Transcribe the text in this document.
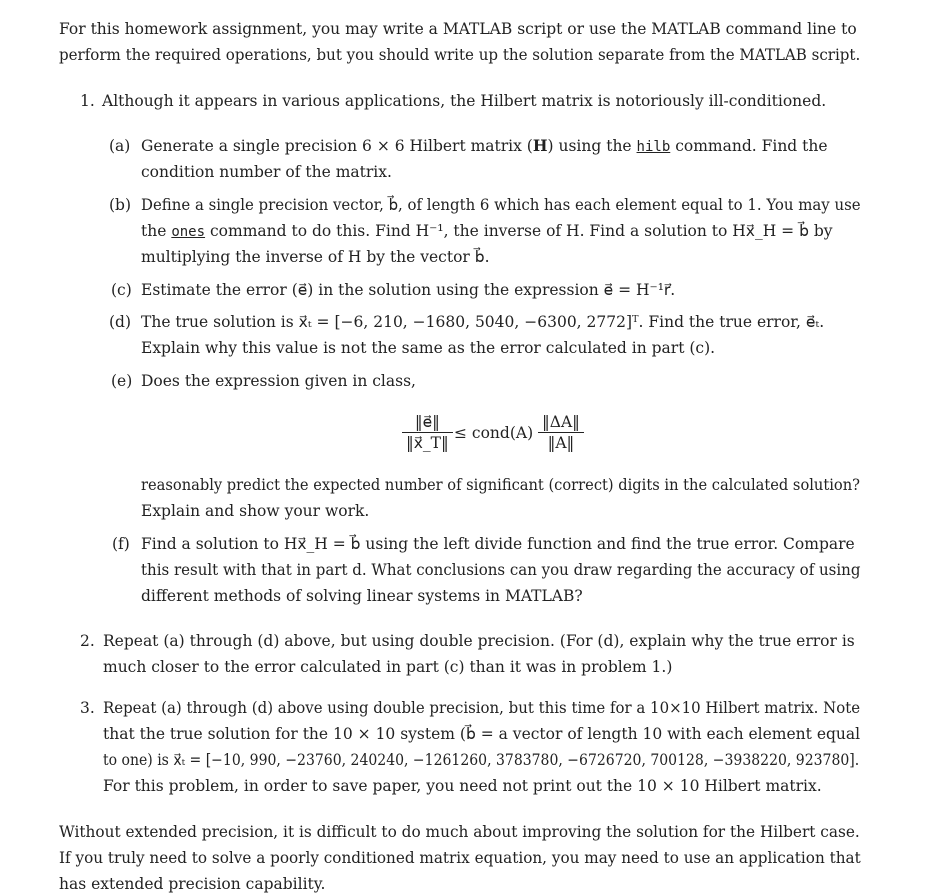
For this homework assignment, you may write a MATLAB script or use the MATLAB command line to
perform the required operations, but you should write up the solution separate from the MATLAB script.
1. Although it appears in various applications, the Hilbert matrix is notoriously ill-conditioned.
(a) Generate a single precision 6 × 6 Hilbert matrix (H) using the hilb command. Find the
condition number of the matrix.
(b) Define a single precision vector, b⃗, of length 6 which has each element equal to 1. You may use
the ones command to do this. Find H⁻¹, the inverse of H. Find a solution to Hx⃗_H = b⃗ by
multiplying the inverse of H by the vector b⃗.
(c) Estimate the error (e⃗) in the solution using the expression e⃗ = H⁻¹r⃗.
(d) The true solution is x⃗ₜ = [−6, 210, −1680, 5040, −6300, 2772]ᵀ. Find the true error, e⃗ₜ.
Explain why this value is not the same as the error calculated in part (c).
(e) Does the expression given in class,
$\frac{‖e⃗‖}{‖x⃗\_T‖}$ ≤ cond(A) $\frac{‖\Delta A‖}{‖A‖}$
reasonably predict the expected number of significant (correct) digits in the calculated solution?
Explain and show your work.
(f) Find a solution to Hx⃗_H = b⃗ using the left divide function and find the true error. Compare
this result with that in part d. What conclusions can you draw regarding the accuracy of using
different methods of solving linear systems in MATLAB?
2. Repeat (a) through (d) above, but using double precision. (For (d), explain why the true error is
much closer to the error calculated in part (c) than it was in problem 1.)
3. Repeat (a) through (d) above using double precision, but this time for a 10×10 Hilbert matrix. Note
that the true solution for the 10 × 10 system (b⃗ = a vector of length 10 with each element equal
to one) is x⃗ₜ = [−10, 990, −23760, 240240, −1261260, 3783780, −6726720, 700128, −3938220, 923780].
For this problem, in order to save paper, you need not print out the 10 × 10 Hilbert matrix.
Without extended precision, it is difficult to do much about improving the solution for the Hilbert case.
If you truly need to solve a poorly conditioned matrix equation, you may need to use an application that
has extended precision capability.
